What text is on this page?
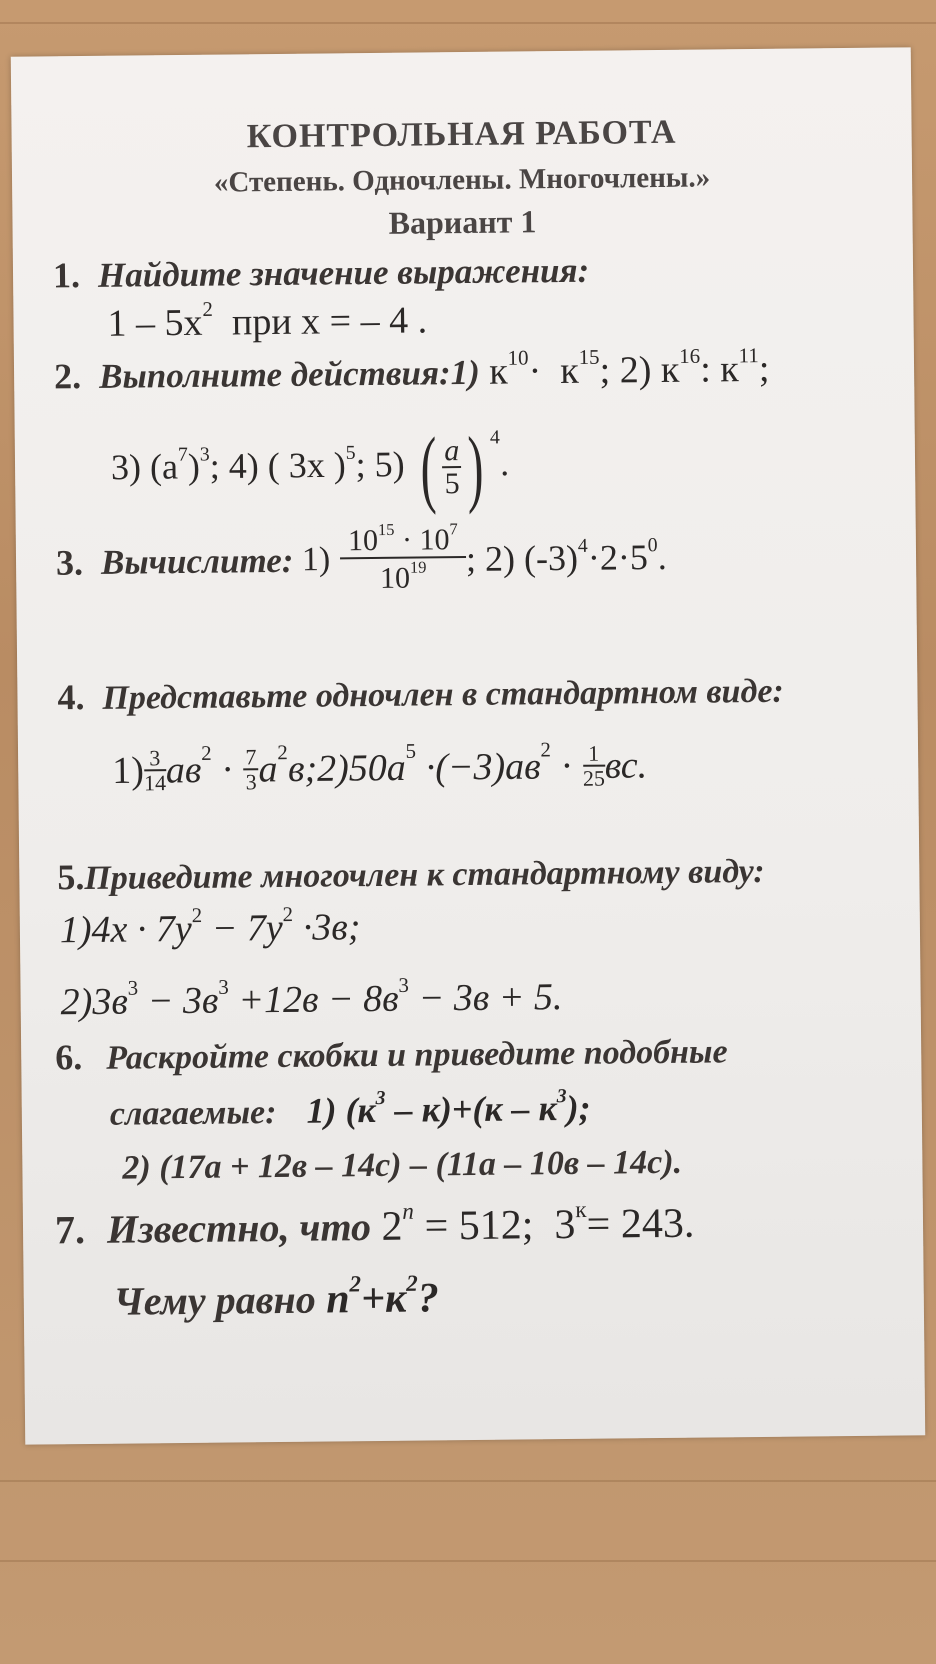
КОНТРОЛЬНАЯ РАБОТА
«Степень. Одночлены. Многочлены.»
Вариант 1
1. Найдите значение выражения:
$1 - 5x^2$  при x = – 4 .
2. Выполните действия:1) $к^{10}\cdot к^{15}$; 2) $к^{16}$: $к^{11}$;
3) $(a^7)^3$; 4) ( 3x )$^5$; 5) ( $\frac{a}{5}$ ) $^4$.
3. Вычислите: $1) \frac{10^{15} \cdot 10^7}{10^{19}}$ ; 2) $(-3)^4\cdot 2\cdot 5^0$.
4. Представьте одночлен в стандартном виде:
$1) \frac{3}{14} ав^2 \cdot \frac{7}{3}$ $a^2в;2)50a^5 \cdot(-3)ав^2 \cdot \frac{1}{25}$ вс.
5.Приведите многочлен к стандартному виду:
$1)4x \cdot 7y^2 - 7y^2 \cdot 3в$;
$2)3в^3 - 3в^3 +12в - 8в^3 - 3в + 5$.
6. Раскройте скобки и приведите подобные
слагаемые: 1) $(к^3 - к)+(к - к^3)$;
2) (17a + 12в – 14c) – (11a – 10в – 14c).
7. Известно, что $2^n = 512$;  $3^к= 243$.
Чему равно $n^2+к^2$?
